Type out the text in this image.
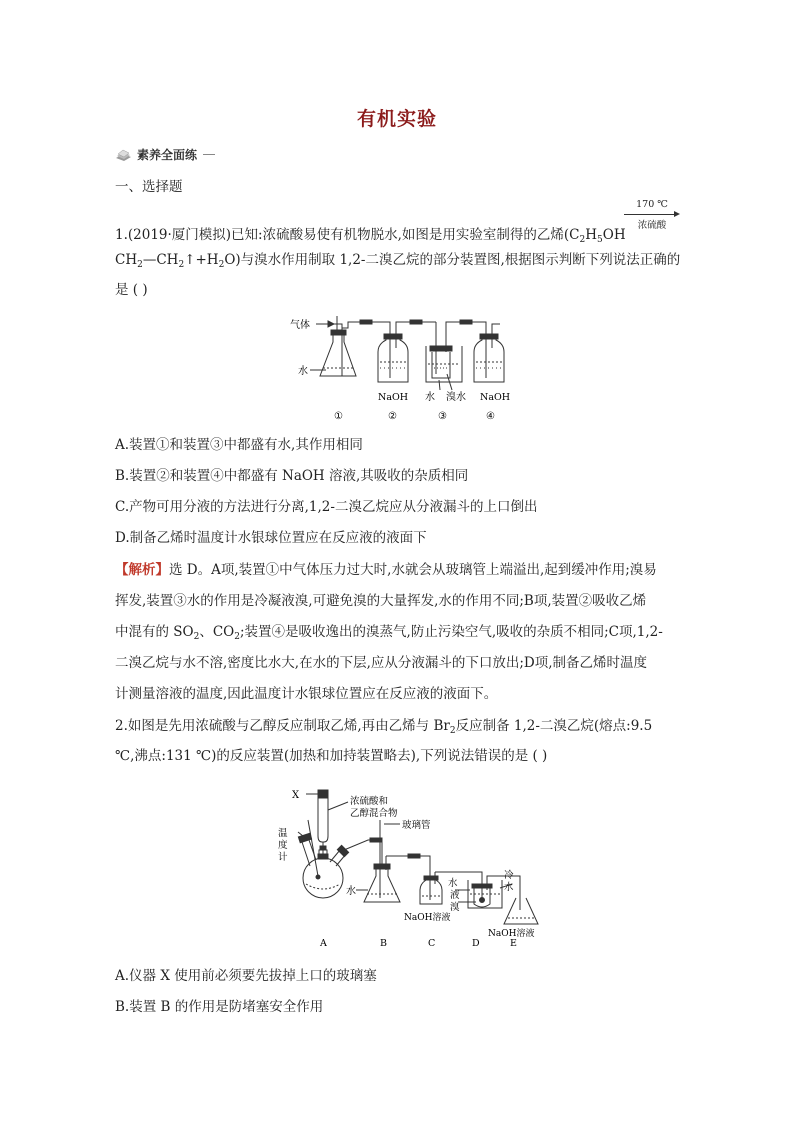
有机实验
素养全面练
一、选择题
1.(2019·厦门模拟)已知:浓硫酸易使有机物脱水,如图是用实验室制得的乙烯($C_2H_5OH$
170 ℃
浓硫酸
$CH_2—CH_2↑+H_2O$)与溴水作用制取 1,2-二溴乙烷的部分装置图,根据图示判断下列说法正确的
是 ( )
气体
水
NaOH 水 溴水 NaOH
①	②	③	④
A.装置①和装置③中都盛有水,其作用相同
B.装置②和装置④中都盛有 NaOH 溶液,其吸收的杂质相同
C.产物可用分液的方法进行分离,1,2-二溴乙烷应从分液漏斗的上口倒出
D.制备乙烯时温度计水银球位置应在反应液的液面下
【解析】选 D。A项,装置①中气体压力过大时,水就会从玻璃管上端溢出,起到缓冲作用;溴易
挥发,装置③水的作用是冷凝液溴,可避免溴的大量挥发,水的作用不同;B项,装置②吸收乙烯
中混有的 $SO_2$、$CO_2$;装置④是吸收逸出的溴蒸气,防止污染空气,吸收的杂质不相同;C项,1,2-
二溴乙烷与水不溶,密度比水大,在水的下层,应从分液漏斗的下口放出;D项,制备乙烯时温度
计测量溶液的温度,因此温度计水银球位置应在反应液的液面下。
2.如图是先用浓硫酸与乙醇反应制取乙烯,再由乙烯与 $Br_2$反应制备 1,2-二溴乙烷(熔点:9.5
℃,沸点:131 ℃)的反应装置(加热和加持装置略去),下列说法错误的是 ( )
X
浓硫酸和
乙醇混合物
玻璃管
温
度
计
水
NaOH溶液
水
液
溴
冷
水
NaOH溶液
A	B	C	D	E
A.仪器 X 使用前必须要先拔掉上口的玻璃塞
B.装置 B 的作用是防堵塞安全作用
